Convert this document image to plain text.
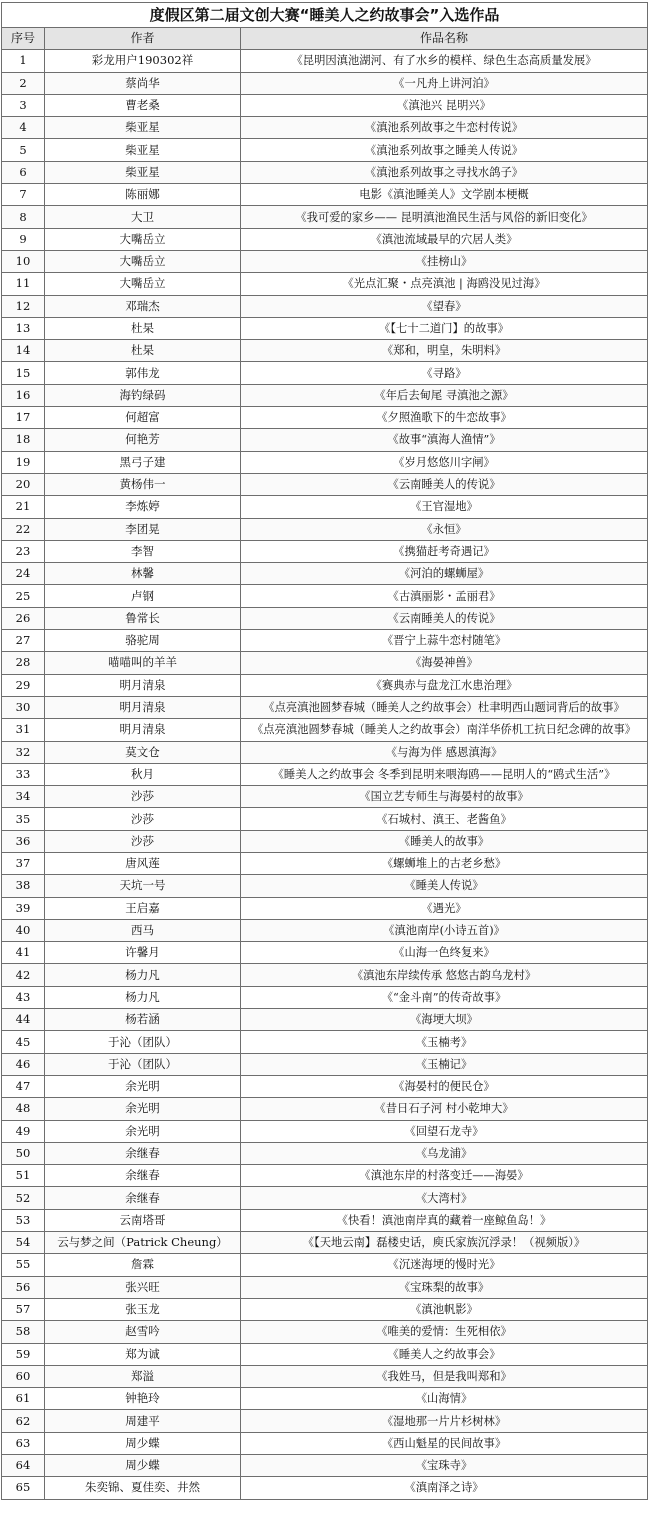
度假区第二届文创大赛“睡美人之约故事会”入选作品		
序号	作者	作品名称
1	彩龙用户190302祥	《昆明因滇池湖河、有了水乡的模样、绿色生态高质量发展》
2	蔡尚华	《一凡舟上讲河泊》
3	曹老桑	《滇池兴 昆明兴》
4	柴亚星	《滇池系列故事之牛恋村传说》
5	柴亚星	《滇池系列故事之睡美人传说》
6	柴亚星	《滇池系列故事之寻找水鸽子》
7	陈丽娜	电影《滇池睡美人》文学剧本梗概
8	大卫	《我可爱的家乡—— 昆明滇池渔民生活与风俗的新旧变化》
9	大嘴岳立	《滇池流域最早的穴居人类》
10	大嘴岳立	《挂榜山》
11	大嘴岳立	《光点汇聚・点亮滇池 | 海鸥没见过海》
12	邓瑞杰	《望春》
13	杜杲	《【七十二道门】的故事》
14	杜杲	《郑和，明皇，朱明料》
15	郭伟龙	《寻路》
16	海钓绿码	《年后去甸尾 寻滇池之源》
17	何超富	《夕照渔歌下的牛恋故事》
18	何艳芳	《故事“滇海人渔情”》
19	黑弓子建	《岁月悠悠川字闸》
20	黄杨伟一	《云南睡美人的传说》
21	李炼婷	《王官湿地》
22	李团晃	《永恒》
23	李智	《携猫赶考奇遇记》
24	林馨	《河泊的螺蛳屋》
25	卢钢	《古滇丽影・孟丽君》
26	鲁常长	《云南睡美人的传说》
27	骆驼周	《晋宁上蒜牛恋村随笔》
28	喵喵叫的羊羊	《海晏神兽》
29	明月清泉	《赛典赤与盘龙江水患治理》
30	明月清泉	《点亮滇池圆梦春城（睡美人之约故事会）杜聿明西山题词背后的故事》
31	明月清泉	《点亮滇池圆梦春城（睡美人之约故事会）南洋华侨机工抗日纪念碑的故事》
32	莫文仓	《与海为伴 感恩滇海》
33	秋月	《睡美人之约故事会 冬季到昆明来喂海鸥——昆明人的“鸥式生活”》
34	沙莎	《国立艺专师生与海晏村的故事》
35	沙莎	《石城村、滇王、老酱鱼》
36	沙莎	《睡美人的故事》
37	唐风莲	《螺蛳堆上的古老乡愁》
38	天坑一号	《睡美人传说》
39	王启嘉	《遇光》
40	西马	《滇池南岸(小诗五首)》
41	许馨月	《山海一色终复来》
42	杨力凡	《滇池东岸续传承 悠悠古韵乌龙村》
43	杨力凡	《“金斗南”的传奇故事》
44	杨若涵	《海埂大坝》
45	于沁（团队）	《玉楠考》
46	于沁（团队）	《玉楠记》
47	余光明	《海晏村的便民仓》
48	余光明	《昔日石子河 村小乾坤大》
49	余光明	《回望石龙寺》
50	余继春	《乌龙浦》
51	余继春	《滇池东岸的村落变迁——海晏》
52	余继春	《大湾村》
53	云南塔哥	《快看！滇池南岸真的藏着一座鲸鱼岛！》
54	云与梦之间（Patrick Cheung）	《【天地云南】磊楼史话，庾氏家族沉浮录！（视频版）》
55	詹霖	《沉迷海埂的慢时光》
56	张兴旺	《宝珠梨的故事》
57	张玉龙	《滇池帆影》
58	赵雪吟	《唯美的爱情：生死相依》
59	郑为诚	《睡美人之约故事会》
60	郑溢	《我姓马，但是我叫郑和》
61	钟艳玲	《山海情》
62	周建平	《湿地那一片片杉树林》
63	周少蝶	《西山魁星的民间故事》
64	周少蝶	《宝珠寺》
65	朱奕锦、夏佳奕、井然	《滇南泽之诗》
